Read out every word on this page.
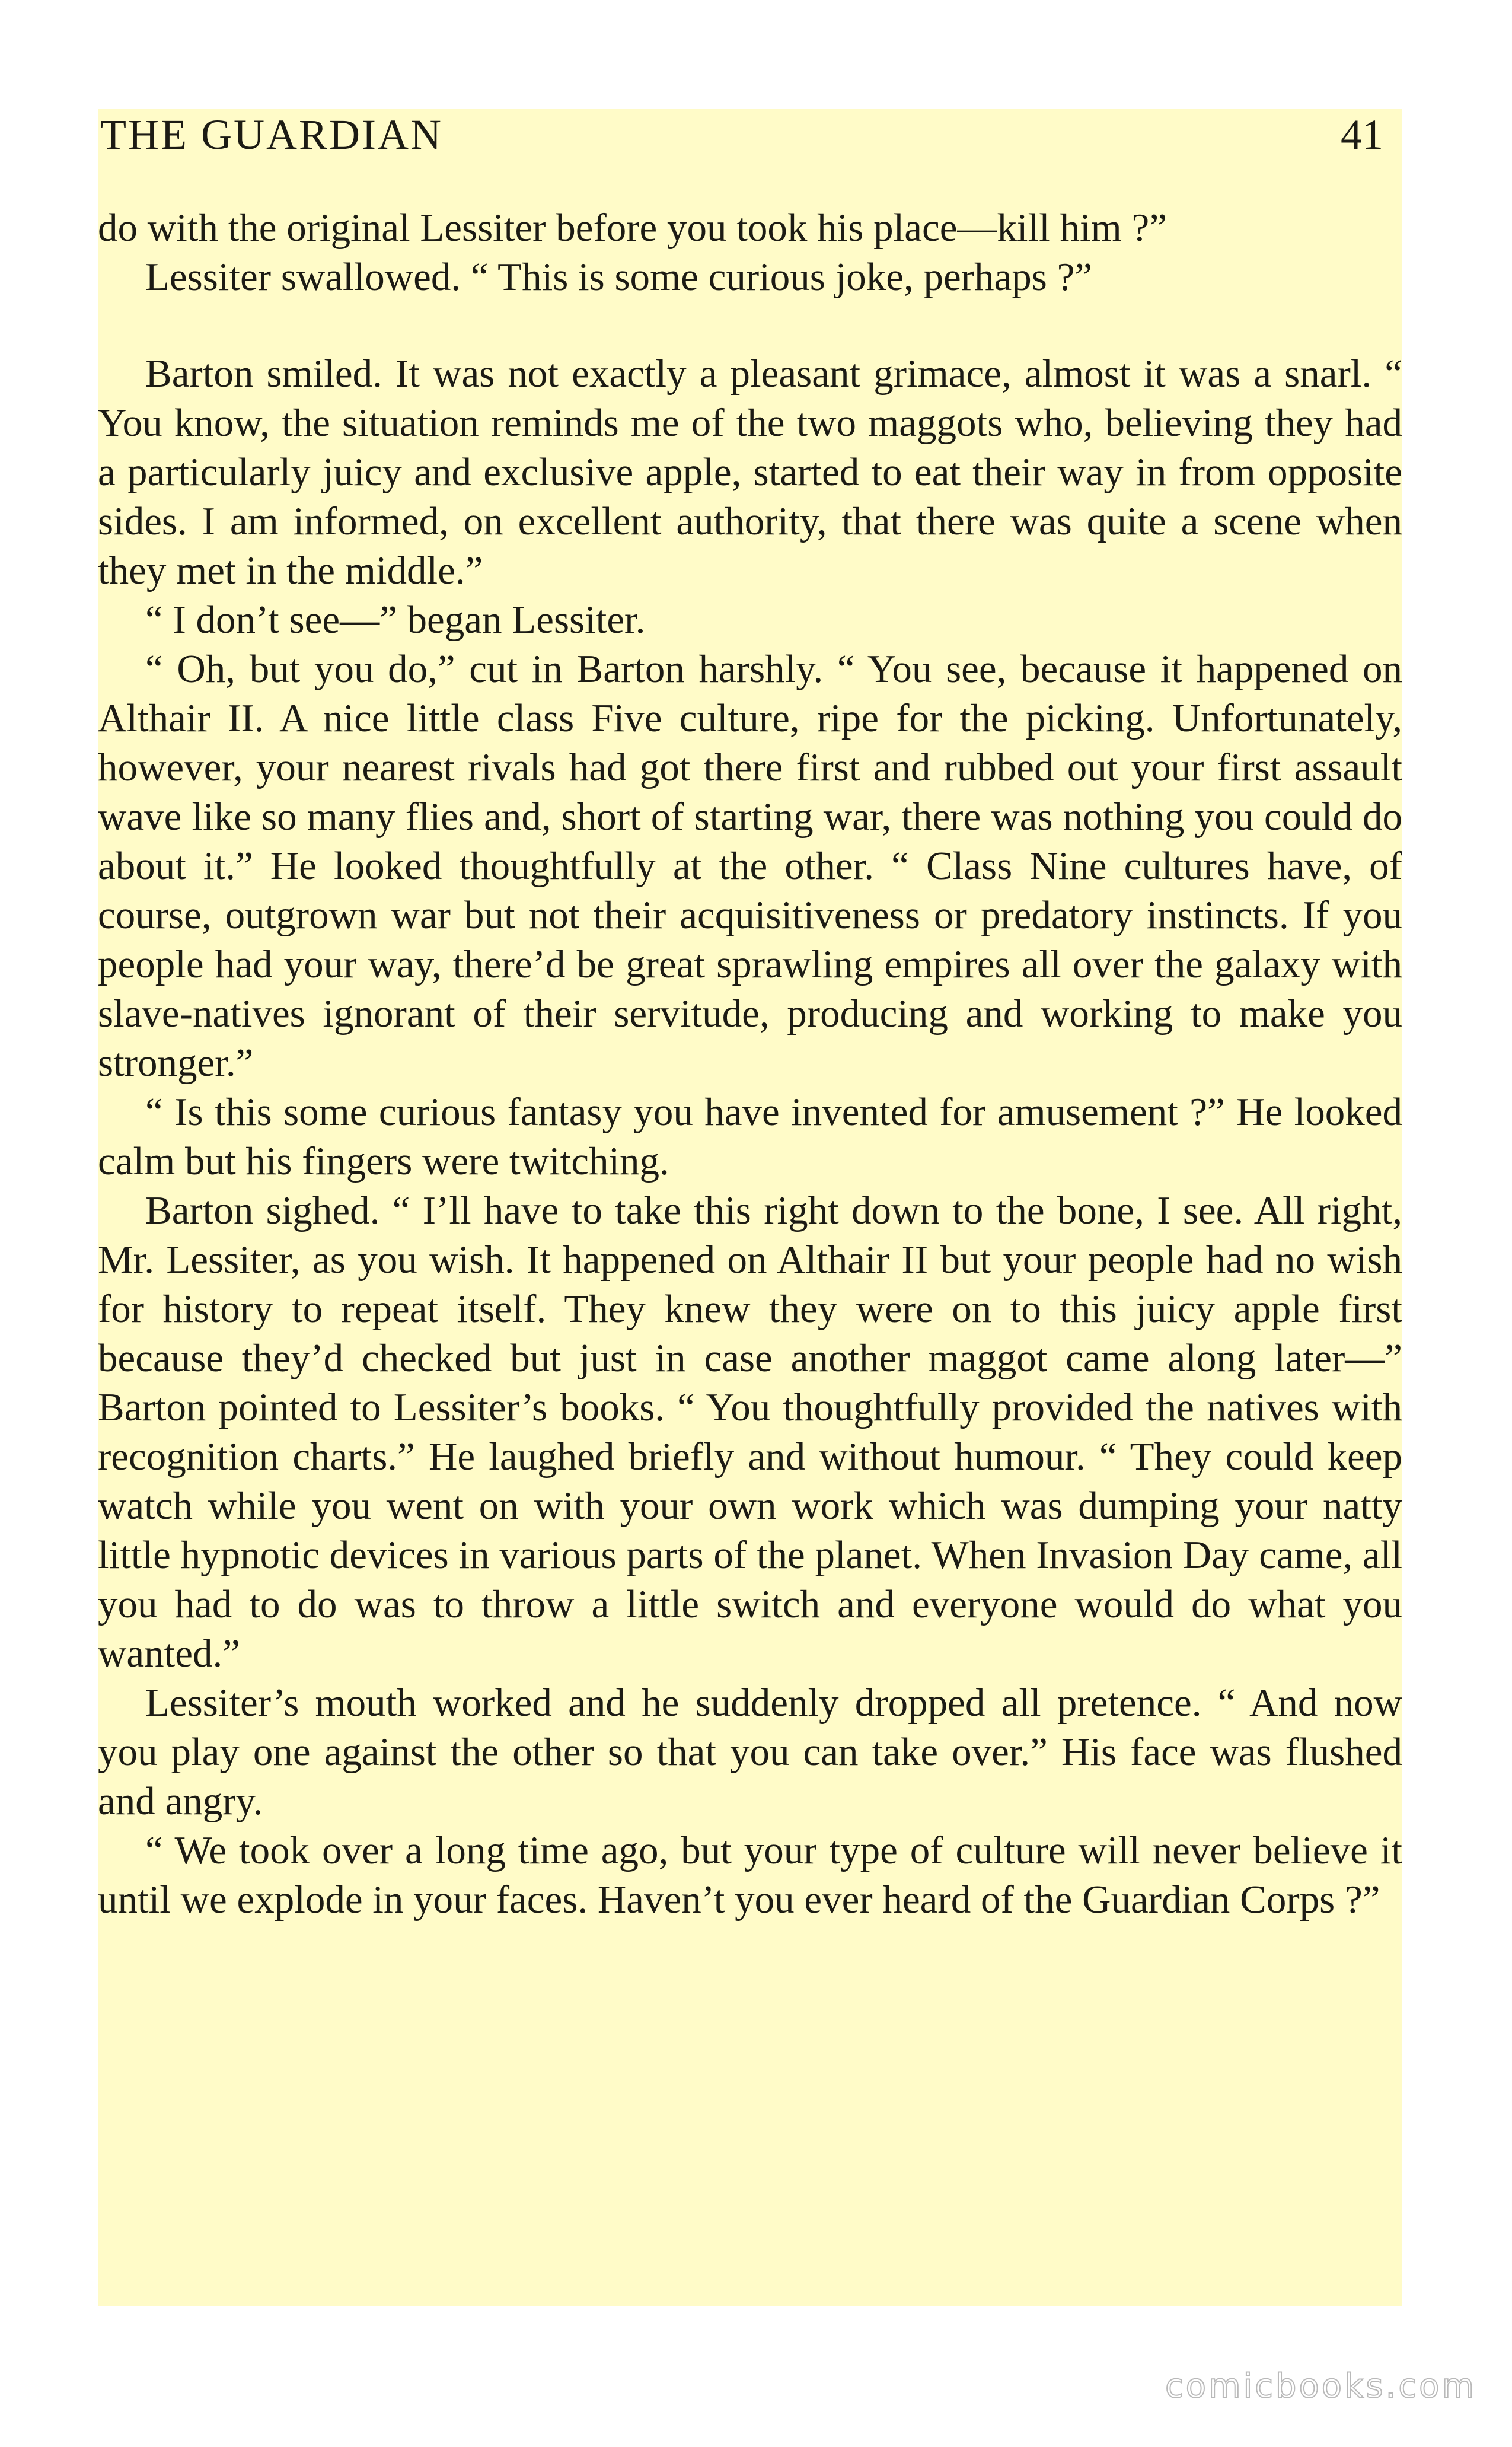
THE GUARDIAN	41

do with the original Lessiter before you took his place—kill him ?”

Lessiter swallowed. “ This is some curious joke, perhaps ?”

Barton smiled. It was not exactly a pleasant grimace, almost it was a snarl. “ You know, the situation reminds me of the two maggots who, believing they had a particularly juicy and exclusive apple, started to eat their way in from opposite sides. I am informed, on excellent authority, that there was quite a scene when they met in the middle.”

“ I don’t see—” began Lessiter.

“ Oh, but you do,” cut in Barton harshly. “ You see, because it happened on Althair II. A nice little class Five culture, ripe for the picking. Unfortunately, however, your nearest rivals had got there first and rubbed out your first assault wave like so many flies and, short of starting war, there was nothing you could do about it.” He looked thoughtfully at the other. “ Class Nine cultures have, of course, outgrown war but not their acquisitiveness or predatory instincts. If you people had your way, there’d be great sprawling empires all over the galaxy with slave-natives ignorant of their servitude, producing and working to make you stronger.”

“ Is this some curious fantasy you have invented for amusement ?” He looked calm but his fingers were twitching.

Barton sighed. “ I’ll have to take this right down to the bone, I see. All right, Mr. Lessiter, as you wish. It happened on Althair II but your people had no wish for history to repeat itself. They knew they were on to this juicy apple first because they’d checked but just in case another maggot came along later—” Barton pointed to Lessiter’s books. “ You thoughtfully provided the natives with recognition charts.” He laughed briefly and without humour. “ They could keep watch while you went on with your own work which was dumping your natty little hypnotic devices in various parts of the planet. When Invasion Day came, all you had to do was to throw a little switch and everyone would do what you wanted.”

Lessiter’s mouth worked and he suddenly dropped all pretence. “ And now you play one against the other so that you can take over.” His face was flushed and angry.

“ We took over a long time ago, but your type of culture will never believe it until we explode in your faces. Haven’t you ever heard of the Guardian Corps ?”

comicbooks.com
